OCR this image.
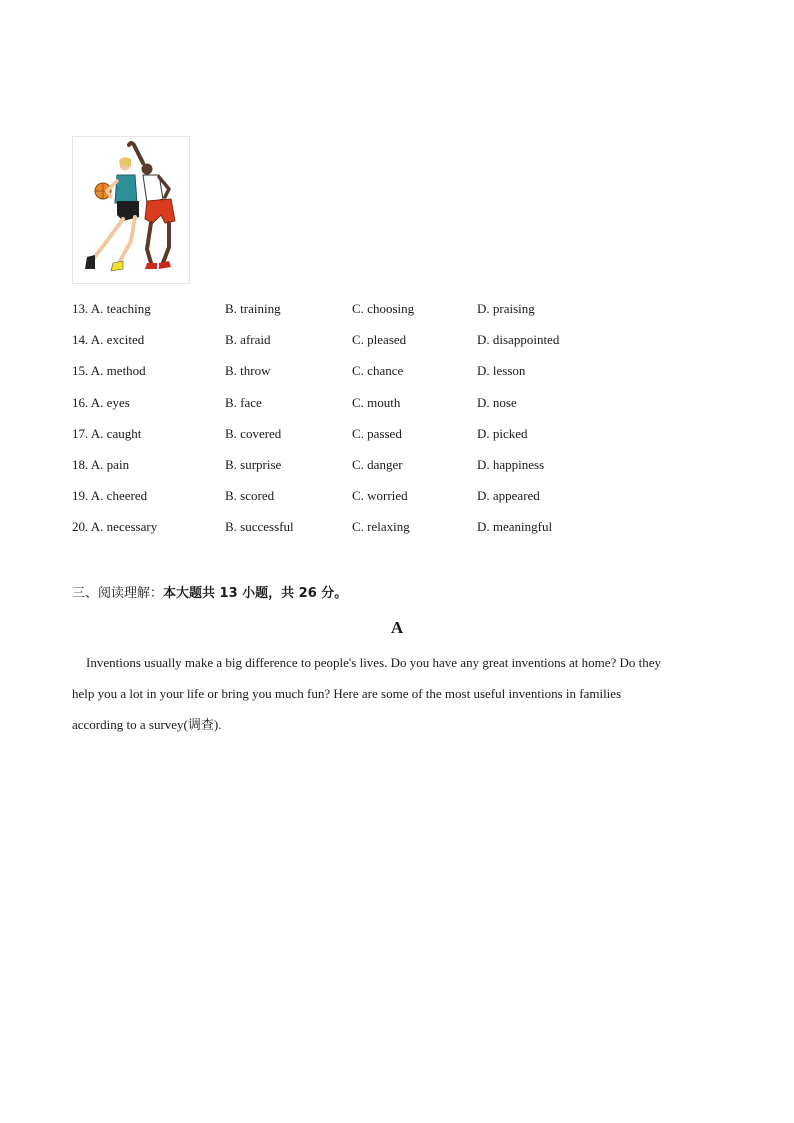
13. A. teaching	B. training	C. choosing	D. praising
14. A. excited	B. afraid	C. pleased	D. disappointed
15. A. method	B. throw	C. chance	D. lesson
16. A. eyes	B. face	C. mouth	D. nose
17. A. caught	B. covered	C. passed	D. picked
18. A. pain	B. surprise	C. danger	D. happiness
19. A. cheered	B. scored	C. worried	D. appeared
20. A. necessary	B. successful	C. relaxing	D. meaningful
三、阅读理解：本大题共 13 小题，共 26 分。
A
Inventions usually make a big difference to people's lives. Do you have any great inventions at home? Do they
help you a lot in your life or bring you much fun? Here are some of the most useful inventions in families
according to a survey(调查).
